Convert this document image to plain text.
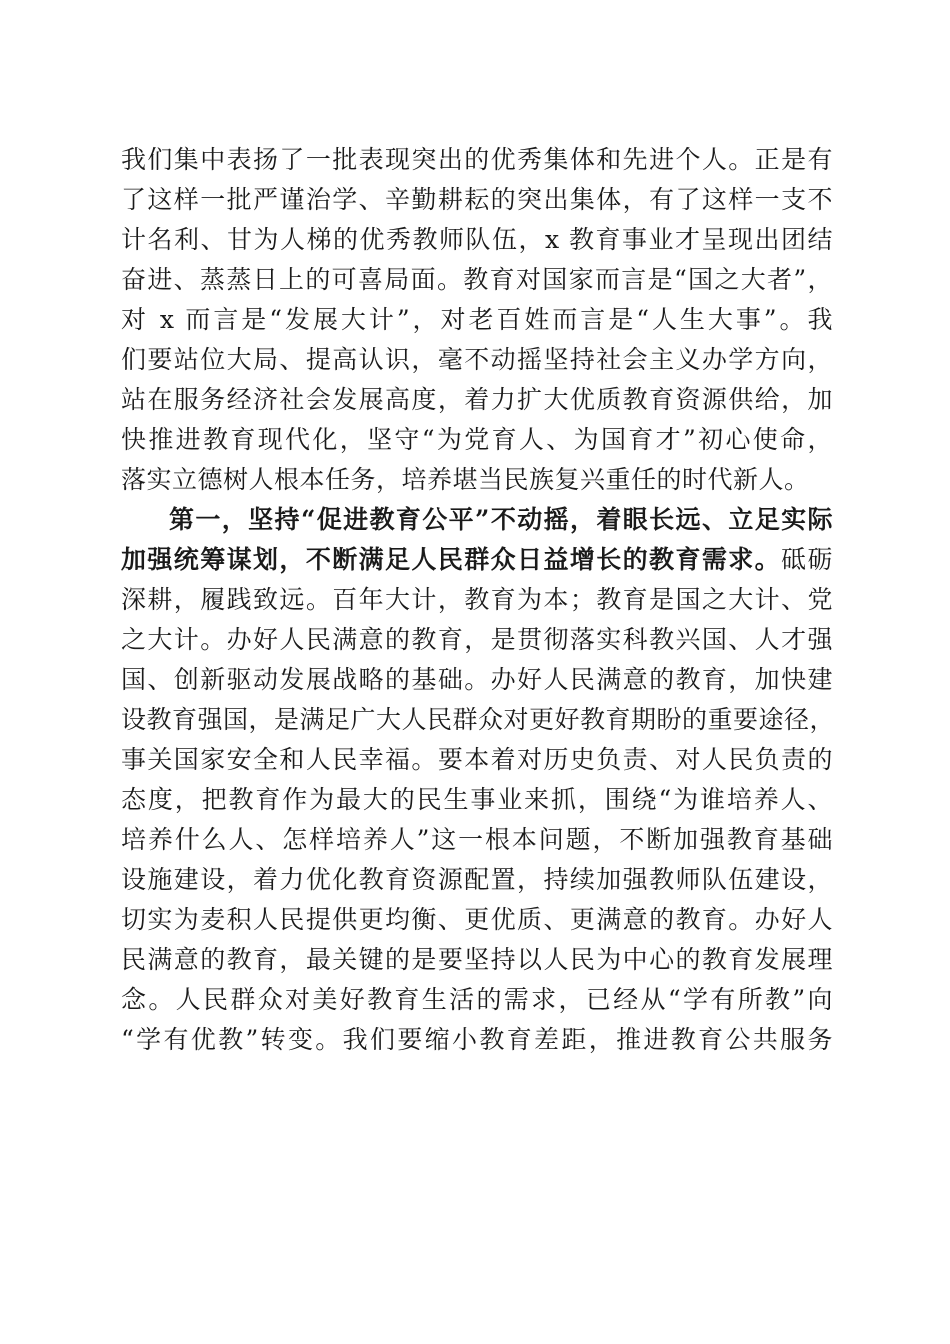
我们集中表扬了一批表现突出的优秀集体和先进个人。正是有
了这样一批严谨治学、辛勤耕耘的突出集体，有了这样一支不
计名利、甘为人梯的优秀教师队伍，x 教育事业才呈现出团结
奋进、蒸蒸日上的可喜局面。教育对国家而言是“国之大者”，
对 x 而言是“发展大计”，对老百姓而言是“人生大事”。我
们要站位大局、提高认识，毫不动摇坚持社会主义办学方向，
站在服务经济社会发展高度，着力扩大优质教育资源供给，加
快推进教育现代化，坚守“为党育人、为国育才”初心使命，
落实立德树人根本任务，培养堪当民族复兴重任的时代新人。
第一，坚持“促进教育公平”不动摇，着眼长远、立足实际
加强统筹谋划，不断满足人民群众日益增长的教育需求。砥砺
深耕，履践致远。百年大计，教育为本；教育是国之大计、党
之大计。办好人民满意的教育，是贯彻落实科教兴国、人才强
国、创新驱动发展战略的基础。办好人民满意的教育，加快建
设教育强国，是满足广大人民群众对更好教育期盼的重要途径，
事关国家安全和人民幸福。要本着对历史负责、对人民负责的
态度，把教育作为最大的民生事业来抓，围绕“为谁培养人、
培养什么人、怎样培养人”这一根本问题，不断加强教育基础
设施建设，着力优化教育资源配置，持续加强教师队伍建设，
切实为麦积人民提供更均衡、更优质、更满意的教育。办好人
民满意的教育，最关键的是要坚持以人民为中心的教育发展理
念。人民群众对美好教育生活的需求，已经从“学有所教”向
“学有优教”转变。我们要缩小教育差距，推进教育公共服务
